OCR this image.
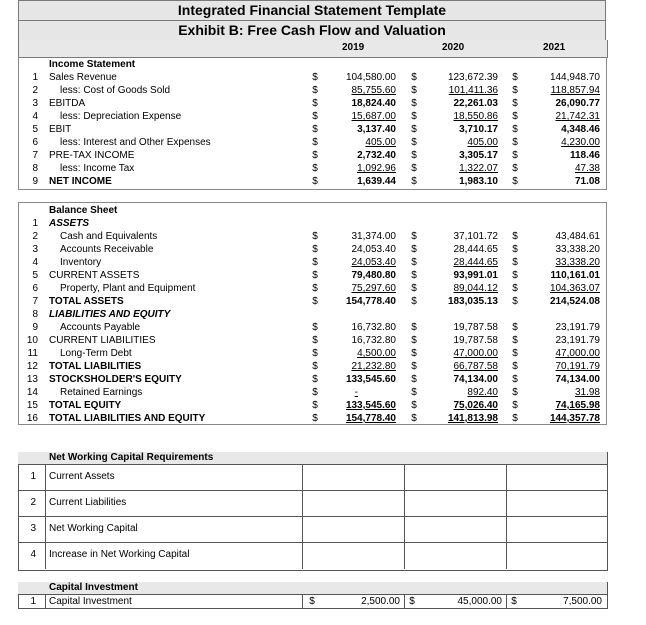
Integrated Financial Statement Template
Exhibit B: Free Cash Flow and Valuation
2019	2020	2021
Income Statement
1 Sales Revenue	$	104,580.00 $	123,672.39 $	144,948.70
2 less: Cost of Goods Sold	$	85,755.60 $	101,411.36 $	118,857.94
3 EBITDA	$	18,824.40 $	22,261.03 $	26,090.77
4 less: Depreciation Expense	$	15,687.00 $	18,550.86 $	21,742.31
5 EBIT	$	3,137.40 $	3,710.17 $	4,348.46
6 less: Interest and Other Expenses	$	405.00 $	405.00 $	4,230.00
7 PRE-TAX INCOME	$	2,732.40 $	3,305.17 $	118.46
8 less: Income Tax	$	1,092.96 $	1,322.07 $	47.38
9 NET INCOME	$	1,639.44 $	1,983.10 $	71.08
Balance Sheet
1 ASSETS
2 Cash and Equivalents	$	31,374.00 $	37,101.72 $	43,484.61
3 Accounts Receivable	$	24,053.40 $	28,444.65 $	33,338.20
4 Inventory	$	24,053.40 $	28,444.65 $	33,338.20
5 CURRENT ASSETS	$	79,480.80 $	93,991.01 $	110,161.01
6 Property, Plant and Equipment	$	75,297.60 $	89,044.12 $	104,363.07
7 TOTAL ASSETS	$	154,778.40 $	183,035.13 $	214,524.08
8 LIABILITIES AND EQUITY
9 Accounts Payable	$	16,732.80 $	19,787.58 $	23,191.79
10 CURRENT LIABILITIES	$	16,732.80 $	19,787.58 $	23,191.79
11 Long-Term Debt	$	4,500.00 $	47,000.00 $	47,000.00
12 TOTAL LIABILITIES	$	21,232.80 $	66,787.58 $	70,191.79
13 STOCKSHOLDER'S EQUITY	$	133,545.60 $	74,134.00 $	74,134.00
14 Retained Earnings	$	-	$	892.40 $	31.98
15 TOTAL EQUITY	$	133,545.60 $	75,026.40 $	74,165.98
16 TOTAL LIABILITIES AND EQUITY	$	154,778.40 $	141,813.98 $	144,357.78
Net Working Capital Requirements
1 Current Assets
2 Current Liabilities
3 Net Working Capital
4 Increase in Net Working Capital
Capital Investment
1 Capital Investment	$	2,500.00 $	45,000.00 $	7,500.00
